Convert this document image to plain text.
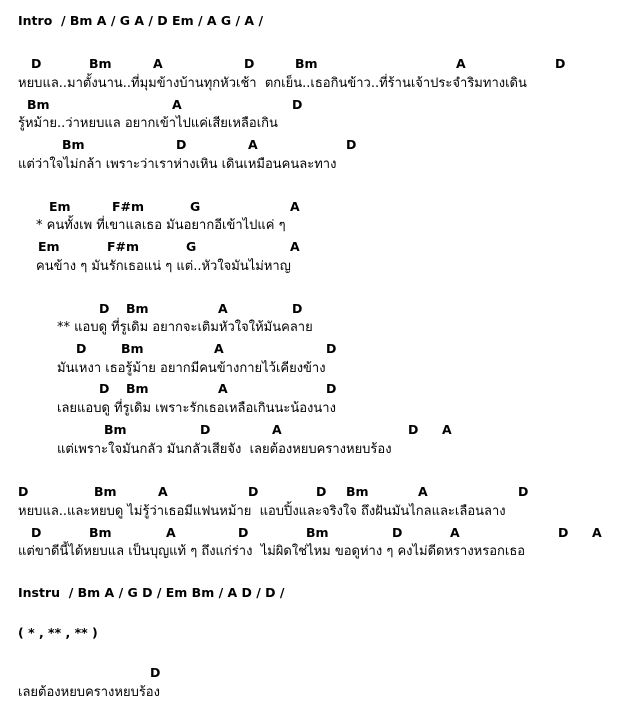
Intro  / Bm A / G A / D Em / A G / A /

D

	Bm

	A

	D

	Bm

	A

	D

หยบแล..มาตั้งนาน..ที่มุมข้างบ้านทุกหัวเช้า  ตกเย็น..เธอกินข้าว..ที่ร้านเจ้าประจำริมทางเดิน

Bm

	A

	D

รู้หม้าย..ว่าหยบแล อยากเข้าไปแค่เสียเหลือเกิน

Bm

	D

	A

	D

แต่ว่าใจไม่กล้า เพราะว่าเราห่างเหิน เดินเหมือนคนละทาง

Em

	F#m

	G

	A

* คนทั้งเพ ที่เขาแลเธอ มันอยากอีเข้าไปแค่ ๆ

Em

	F#m

	G

	A

คนข้าง ๆ มันรักเธอแน่ ๆ แต่..หัวใจมันไม่หาญ

D

Bm

	A

	D

** แอบดู ที่รูเดิม อยากจะเติมหัวใจให้มันคลาย

D

	Bm

	A

	D

มันเหงา เธอรู้ม้าย อยากมีคนข้างกายไว้เคียงข้าง

D

Bm

	A

	D

เลยแอบดู ที่รูเดิม เพราะรักเธอเหลือเกินนะน้องนาง

Bm

	D

	A

	D

A

แต่เพราะใจมันกลัว มันกลัวเสียจัง  เลยต้องหยบครางหยบร้อง

D

	Bm

	A

	D

	D

Bm

	A

	D

หยบแล..และหยบดู ไม่รู้ว่าเธอมีแฟนหม้าย  แอบปิ้งและจริงใจ ถึงฝันมันไกลและเลือนลาง

D

	Bm

	A

	D

	Bm

	D

	A

	D

A

แต่ขาดีนี้ได้หยบแล เป็นบุญแท้ ๆ ถึงแก่ร่าง  ไม่ผิดใช่ไหม ขอดูห่าง ๆ คงไม่ดีดหรางหรอกเธอ
Instru  / Bm A / G D / Em Bm / A D / D /
( * , ** , ** )

D

เลยต้องหยบครางหยบร้อง
